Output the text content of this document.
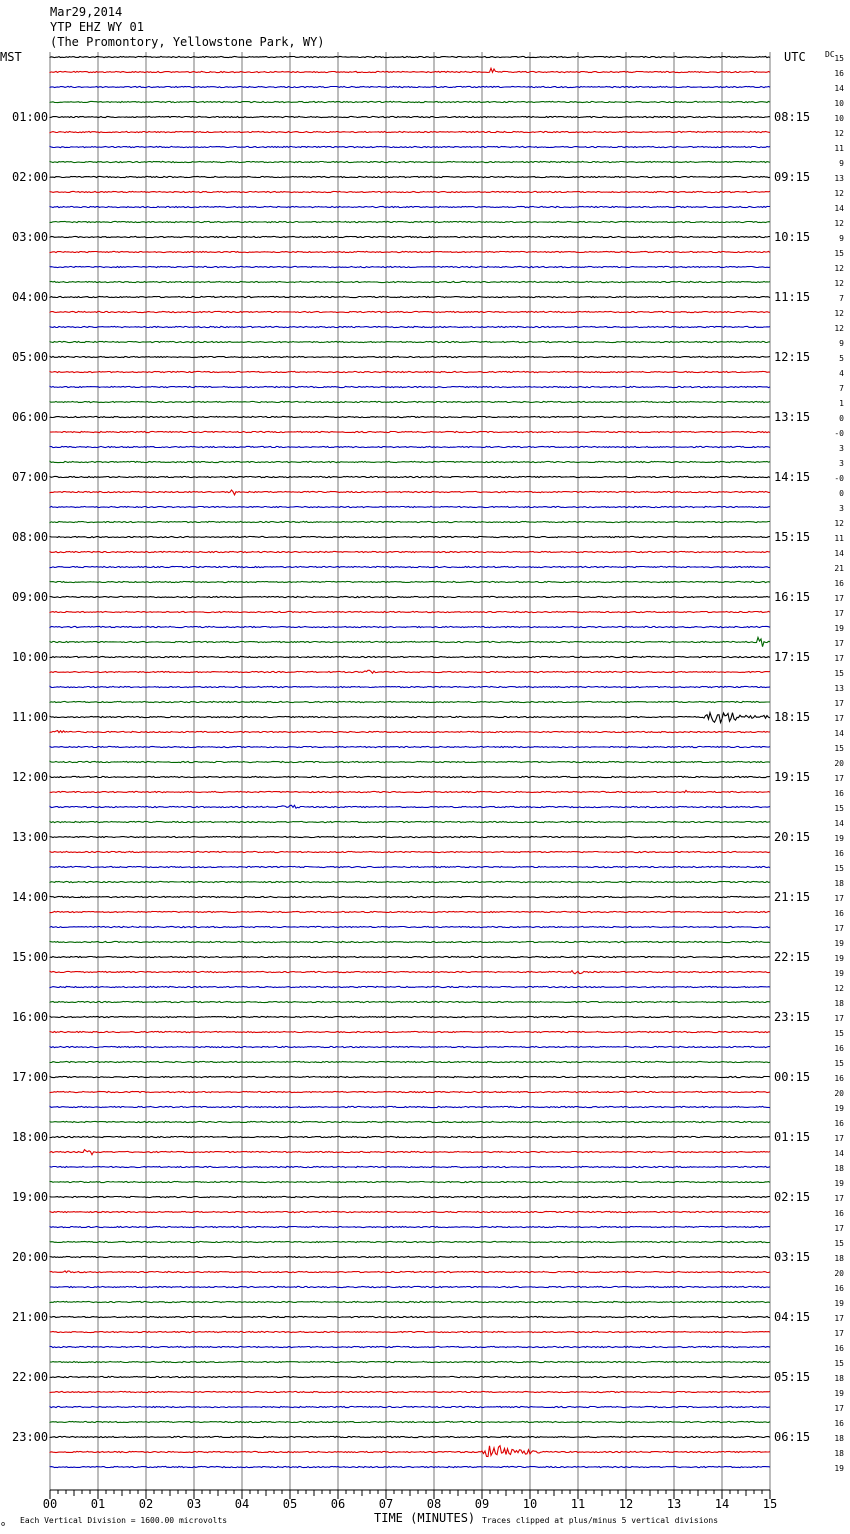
Mar29,2014
YTP EHZ WY 01
(The Promontory, Yellowstone Park, WY)
MST	UTC DC
01:00
02:00
03:00
04:00
05:00
06:00
07:00
08:00
09:00
10:00
11:00
12:00
13:00
14:00
15:00
16:00
17:00
18:00
19:00
20:00
21:00
22:00
23:00
08:15
09:15
10:15
11:15
12:15
13:15
14:15
15:15
16:15
17:15
18:15
19:15
20:15
21:15
22:15
23:15
00:15
01:15
02:15
03:15
04:15
05:15
06:15
15
16
14
10
10
12
11
9
13
12
14
12
9
15
12
12
7
12
12
9
5
4
7
1
0
-0
3
3
-0
0
3
12
11
14
21
16
17
17
19
17
17
15
13
17
17
14
15
20
17
16
15
14
19
16
15
18
17
16
17
19
19
19
12
18
17
15
16
15
16
20
19
16
17
14
18
19
17
16
17
15
18
20
16
19
17
17
16
15
18
19
17
16
18
18
19
00	01	02	03	04	05	06	07	08	09	10	11	12	13	14	15
TIME (MINUTES)
Each Vertical Division = 1600.00 microvolts	Traces clipped at plus/minus 5 vertical divisions
ʘ
